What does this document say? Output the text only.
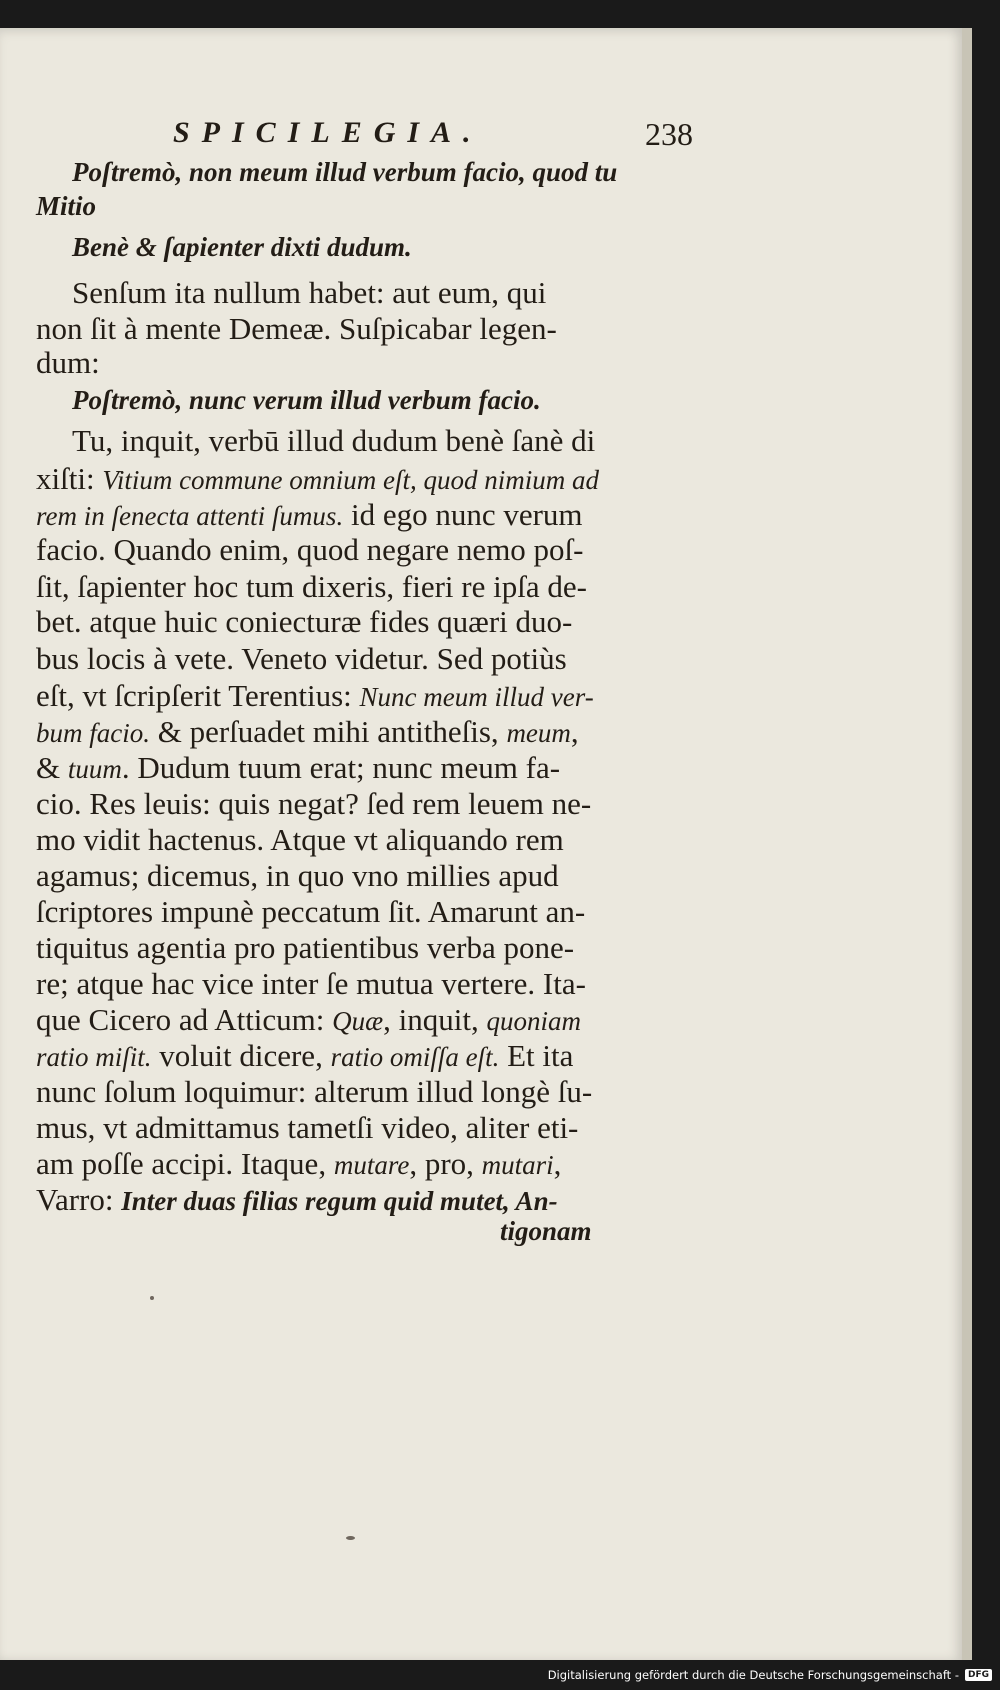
SPICILEGIA.	238
Poſtremò, non meum illud verbum facio, quod tu
Mitio
Benè & ſapienter dixti dudum.
Senſum ita nullum habet: aut eum, qui
non ſit à mente Demeæ. Suſpicabar legen-
dum:
Poſtremò, nunc verum illud verbum facio.
Tu, inquit, verbū illud dudum benè ſanè di
xiſti: Vitium commune omnium eſt, quod nimium ad
rem in ſenecta attenti ſumus. id ego nunc verum
facio. Quando enim, quod negare nemo poſ-
ſit, ſapienter hoc tum dixeris, fieri re ipſa de-
bet. atque huic coniecturæ fides quæri duo-
bus locis à vete. Veneto videtur. Sed potiùs
eſt, vt ſcripſerit Terentius: Nunc meum illud ver-
bum facio. & perſuadet mihi antitheſis, meum,
& tuum. Dudum tuum erat; nunc meum fa-
cio. Res leuis: quis negat? ſed rem leuem ne-
mo vidit hactenus. Atque vt aliquando rem
agamus; dicemus, in quo vno millies apud
ſcriptores impunè peccatum ſit. Amarunt an-
tiquitus agentia pro patientibus verba pone-
re; atque hac vice inter ſe mutua vertere. Ita-
que Cicero ad Atticum: Quæ, inquit, quoniam
ratio miſit. voluit dicere, ratio omiſſa eſt. Et ita
nunc ſolum loquimur: alterum illud longè ſu-
mus, vt admittamus tametſi video, aliter eti-
am poſſe accipi. Itaque, mutare, pro, mutari,
Varro: Inter duas filias regum quid mutet, An-
tigonam
Digitalisierung gefördert durch die Deutsche Forschungsgemeinschaft -	DFG
